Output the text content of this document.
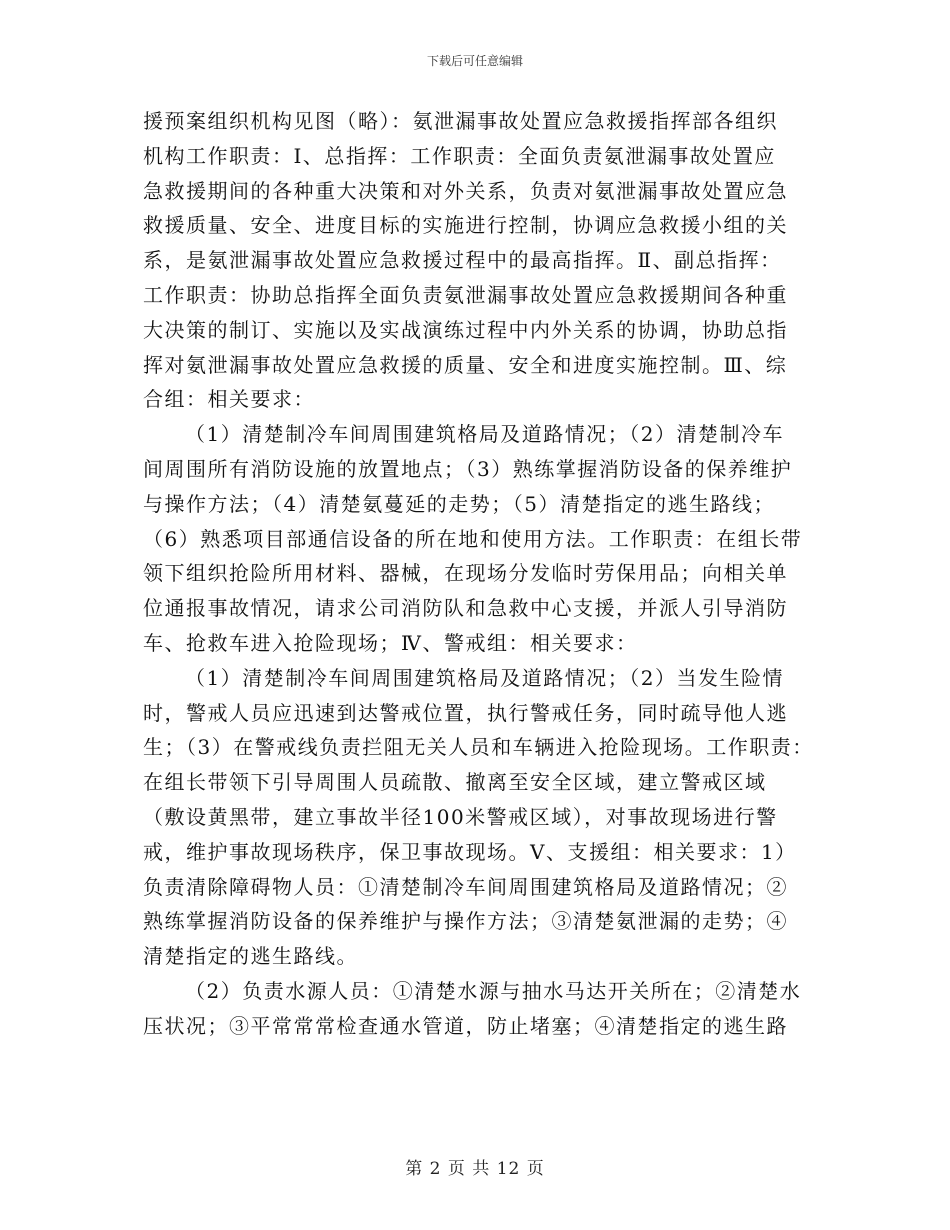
下载后可任意编辑
援预案组织机构见图（略）：氨泄漏事故处置应急救援指挥部各组织
机构工作职责：Ⅰ、总指挥：工作职责：全面负责氨泄漏事故处置应
急救援期间的各种重大决策和对外关系，负责对氨泄漏事故处置应急
救援质量、安全、进度目标的实施进行控制，协调应急救援小组的关
系，是氨泄漏事故处置应急救援过程中的最高指挥。Ⅱ、副总指挥：
工作职责：协助总指挥全面负责氨泄漏事故处置应急救援期间各种重
大决策的制订、实施以及实战演练过程中内外关系的协调，协助总指
挥对氨泄漏事故处置应急救援的质量、安全和进度实施控制。Ⅲ、综
合组：相关要求：
（1）清楚制冷车间周围建筑格局及道路情况；（2）清楚制冷车
间周围所有消防设施的放置地点；（3）熟练掌握消防设备的保养维护
与操作方法；（4）清楚氨蔓延的走势；（5）清楚指定的逃生路线；
（6）熟悉项目部通信设备的所在地和使用方法。工作职责：在组长带
领下组织抢险所用材料、器械，在现场分发临时劳保用品；向相关单
位通报事故情况，请求公司消防队和急救中心支援，并派人引导消防
车、抢救车进入抢险现场；Ⅳ、警戒组：相关要求：
（1）清楚制冷车间周围建筑格局及道路情况；（2）当发生险情
时，警戒人员应迅速到达警戒位置，执行警戒任务，同时疏导他人逃
生；（3）在警戒线负责拦阻无关人员和车辆进入抢险现场。工作职责：
在组长带领下引导周围人员疏散、撤离至安全区域，建立警戒区域
（敷设黄黑带，建立事故半径100米警戒区域），对事故现场进行警
戒，维护事故现场秩序，保卫事故现场。Ⅴ、支援组：相关要求：1）
负责清除障碍物人员：①清楚制冷车间周围建筑格局及道路情况；②
熟练掌握消防设备的保养维护与操作方法；③清楚氨泄漏的走势；④
清楚指定的逃生路线。
（2）负责水源人员：①清楚水源与抽水马达开关所在；②清楚水
压状况；③平常常常检查通水管道，防止堵塞；④清楚指定的逃生路
第 2 页 共 12 页
